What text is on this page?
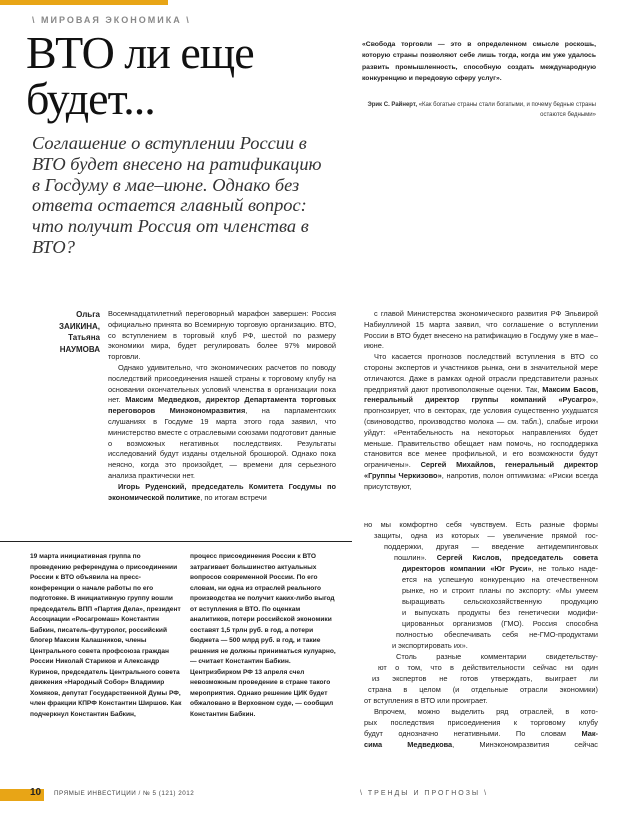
\ МИРОВАЯ ЭКОНОМИКА \
ВТО ли еще будет...
«Свобода торговли — это в определенном смысле роскошь, которую страны позволяют себе лишь тогда, когда им уже удалось развить промышленность, способную создать международную конкуренцию и передовую сферу услуг».
Эрик С. Райнерт, «Как богатые страны стали богатыми, и почему бедные страны остаются бедными»
Соглашение о вступлении России в ВТО будет внесено на ратификацию в Госдуму в мае–июне. Однако без ответа остается главный вопрос: что получит Россия от членства в ВТО?
Ольга
ЗАИКИНА,
Татьяна
НАУМОВА

Восемнадцатилетний переговорный марафон завершен: Россия официально принята во Всемирную торговую организацию. ВТО, со вступлением в торговый клуб РФ, шестой по размеру экономики мира, будет регулировать более 97% мировой торговли.

Однако удивительно, что экономических расчетов по поводу последствий присоединения нашей страны к торговому клубу на основании окончательных условий членства в организации пока нет. Максим Медведков, директор Департамента торговых переговоров Минэкономразвития, на парламентских слушаниях в Госдуме 19 марта этого года заявил, что министерство вместе с отраслевыми союзами подготовит данные о возможных негативных последствиях. Результаты исследований будут изданы отдельной брошюрой. Однако пока неясно, когда это произойдет, — времени для серьезного анализа практически нет.

Игорь Руденский, председатель Комитета Госдумы по экономической политике, по итогам встречи

с главой Министерства экономического развития РФ Эльвирой Набиуллиной 15 марта заявил, что соглашение о вступлении России в ВТО будет внесено на ратификацию в Госдуму уже в мае–июне.

Что касается прогнозов последствий вступления в ВТО со стороны экспертов и участников рынка, они в значительной мере отличаются. Даже в рамках одной отрасли представители разных предприятий дают противоположные оценки. Так, Максим Басов, генеральный директор группы компаний «Русагро», прогнозирует, что в секторах, где условия существенно ухудшатся (свиноводство, производство молока — см. табл.), слабые игроки уйдут: «Рентабельность на некоторых направлениях будет меньше. Правительство обещает нам помочь, но господдержка становится все менее профильной, и его возможности будут ограничены». Сергей Михайлов, генеральный директор «Группы Черкизово», напротив, полон оптимизма: «Риски всегда присутствуют,

но мы комфортно себя чувствуем. Есть разные формы
защиты, одна из которых — увеличение прямой гос-
поддержки, другая — введение антидемпинговых
пошлин». Сергей Кислов, председатель совета
директоров компании «Юг Руси», не только наде-
ется на успешную конкуренцию на отечественном
рынке, но и строит планы по экспорту: «Мы умеем
выращивать сельскохозяйственную продукцию
и выпускать продукты без генетически модифи-
цированных организмов (ГМО). Россия способна
полностью обеспечивать себя не-ГМО-продуктами
и экспортировать их».
Столь разные комментарии свидетельству-
ют о том, что в действительности сейчас ни один
из экспертов не готов утверждать, выиграет ли
страна в целом (и отдельные отрасли экономики)
от вступления в ВТО или проиграет.
Впрочем, можно выделить ряд отраслей, в кото-
рых последствия присоединения к торговому клубу
будут однозначно негативными. По словам Мак-
сима Медведкова, Минэкономразвития сейчас
19 марта инициативная группа по проведению референдума о присоединении России к ВТО объявила на пресс-конференции о начале работы по его подготовке. В инициативную группу вошли председатель ВПП «Партия Дела», президент Ассоциации «Росагромаш» Константин Бабкин, писатель-футуролог, российский блогер Максим Калашников, члены Центрального совета профсоюза граждан России Николай Стариков и Александр Куринов, председатель Центрального совета движения «Народный Собор» Владимир Хомяков, депутат Государственной Думы РФ, член фракции КПРФ Константин Ширшов. Как подчеркнул Константин Бабкин,
процесс присоединения России к ВТО затрагивает большинство актуальных вопросов современной России. По его словам, ни одна из отраслей реального производства не получит каких-либо выгод от вступления в ВТО. По оценкам аналитиков, потери российской экономики составят 1,5 трлн руб. в год, а потери бюджета — 500 млрд руб. в год, и такие решения не должны приниматься кулуарно, — считает Константин Бабкин. Центризбирком РФ 13 апреля счел невозможным проведение в стране такого мероприятия. Однако решение ЦИК будет обжаловано в Верховном суде, — сообщил Константин Бабкин.
10 ПРЯМЫЕ ИНВЕСТИЦИИ / № 5 (121) 2012	\ ТРЕНДЫ И ПРОГНОЗЫ \
